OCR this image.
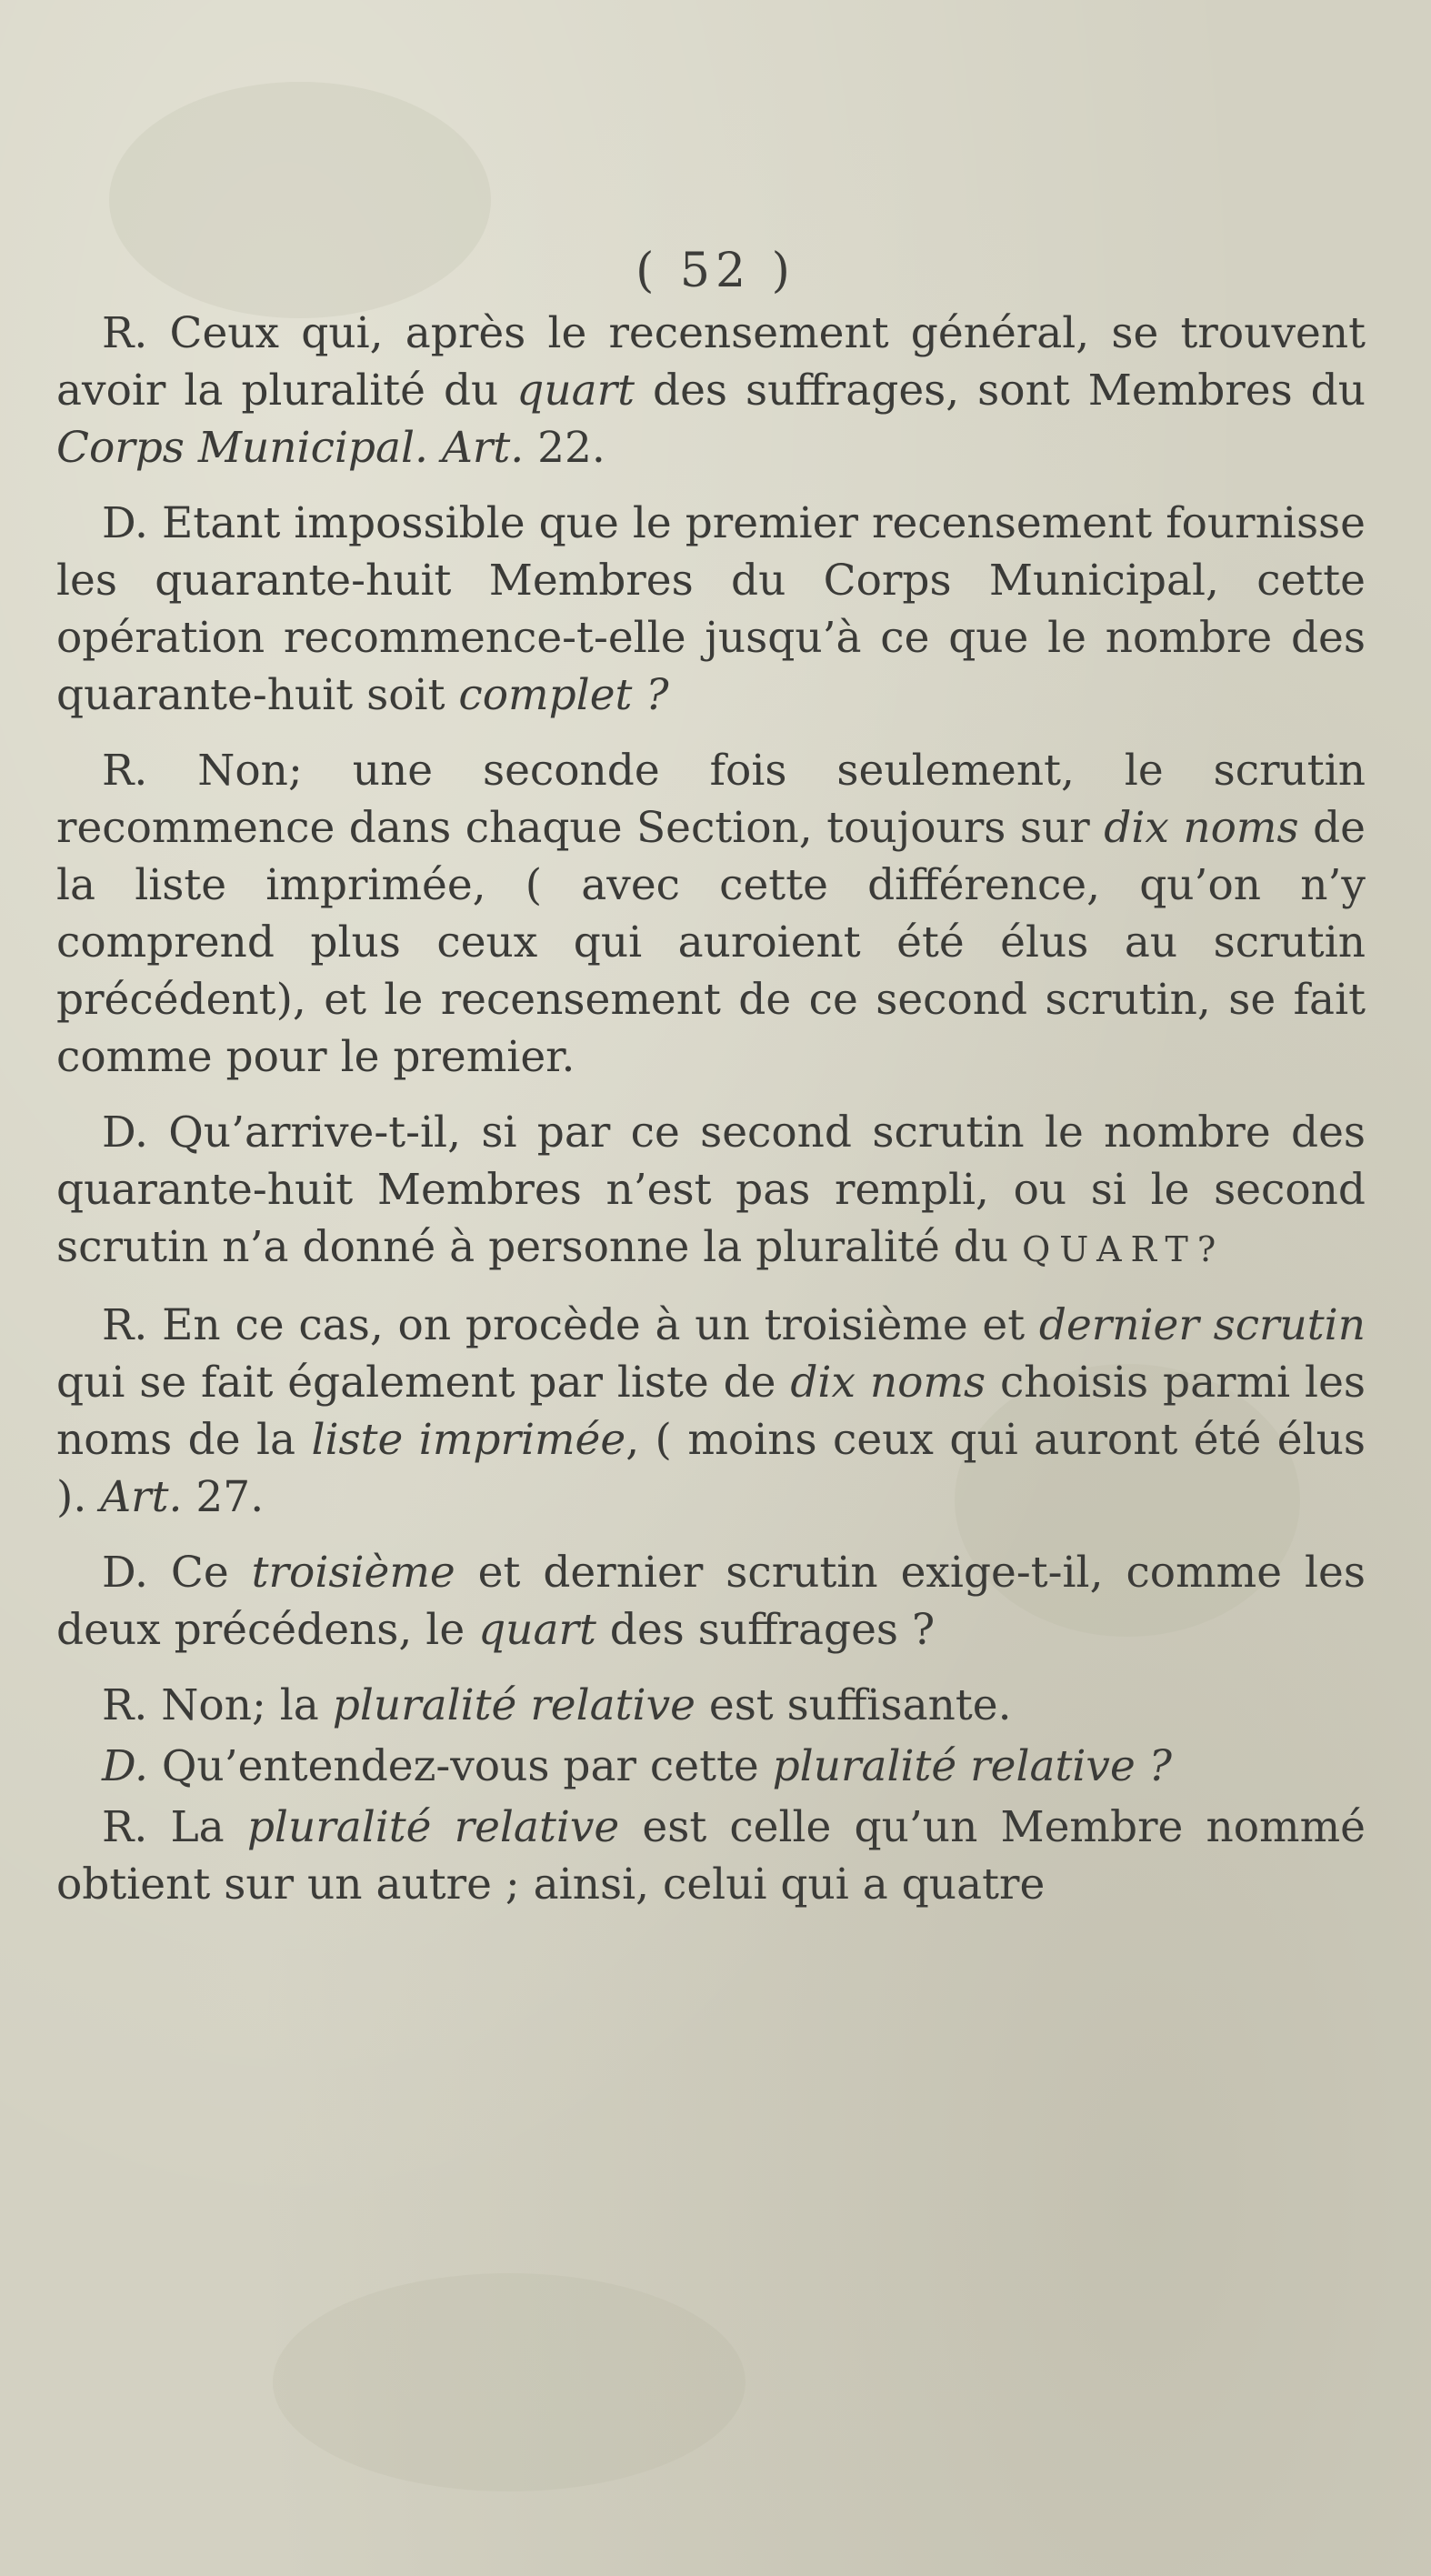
( 52 )

R. Ceux qui, après le recensement général, se trouvent avoir la pluralité du quart des suffrages, sont Membres du Corps Municipal. Art. 22.

D. Etant impossible que le premier recensement fournisse les quarante-huit Membres du Corps Municipal, cette opération recommence-t-elle jusqu’à ce que le nombre des quarante-huit soit complet ?

R. Non; une seconde fois seulement, le scrutin recommence dans chaque Section, toujours sur dix noms de la liste imprimée, ( avec cette différence, qu’on n’y comprend plus ceux qui auroient été élus au scrutin précédent), et le recensement de ce second scrutin, se fait comme pour le premier.

D. Qu’arrive-t-il, si par ce second scrutin le nombre des quarante-huit Membres n’est pas rempli, ou si le second scrutin n’a donné à personne la pluralité du QUART?

R. En ce cas, on procède à un troisième et dernier scrutin qui se fait également par liste de dix noms choisis parmi les noms de la liste imprimée, ( moins ceux qui auront été élus ). Art. 27.

D. Ce troisième et dernier scrutin exige-t-il, comme les deux précédens, le quart des suffrages ?

R. Non; la pluralité relative est suffisante.

D. Qu’entendez-vous par cette pluralité relative ?

R. La pluralité relative est celle qu’un Membre nommé obtient sur un autre ; ainsi, celui qui a quatre
